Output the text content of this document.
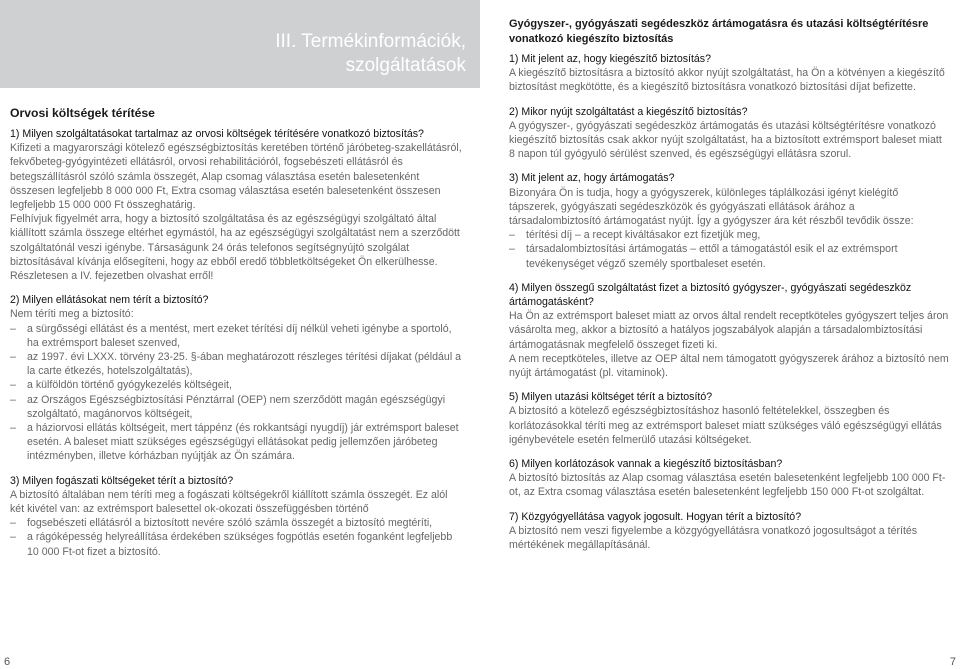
III. Termékinformációk,
szolgáltatások
Orvosi költségek térítése

1) Milyen szolgáltatásokat tartalmaz az orvosi költségek térítésére vonatkozó biztosítás?

Kifizeti a magyarországi kötelező egészségbiztosítás keretében történő járóbeteg-szakellátásról, fekvőbeteg-gyógyintézeti ellátásról, orvosi rehabilitációról, fogsebészeti ellátásról és betegszállításról szóló számla összegét, Alap csomag választása esetén balesetenként összesen legfeljebb 8 000 000 Ft, Extra csomag választása esetén balesetenként összesen legfeljebb 15 000 000 Ft összeghatárig.

Felhívjuk figyelmét arra, hogy a biztosító szolgáltatása és az egészségügyi szolgáltató által kiállított számla összege eltérhet egymástól, ha az egészségügyi szolgáltatást nem a szerződött szolgáltatónál veszi igénybe. Társaságunk 24 órás telefonos segítségnyújtó szolgálat biztosításával kívánja elősegíteni, hogy az ebből eredő többletköltségeket Ön elkerülhesse. Részletesen a IV. fejezetben olvashat erről!

2) Milyen ellátásokat nem térít a biztosító?

Nem téríti meg a biztosító:

– a sürgősségi ellátást és a mentést, mert ezeket térítési díj nélkül veheti igénybe a sportoló, ha extrémsport baleset szenved,

– az 1997. évi LXXX. törvény 23-25. §-ában meghatározott részleges térítési díjakat (például a la carte étkezés, hotelszolgáltatás),

– a külföldön történő gyógykezelés költségeit,

– az Országos Egészségbiztosítási Pénztárral (OEP) nem szerződött magán egészségügyi szolgáltató, magánorvos költségeit,

– a háziorvosi ellátás költségeit, mert táppénz (és rokkantsági nyugdíj) jár extrémsport baleset esetén. A baleset miatt szükséges egészségügyi ellátásokat pedig jellemzően járóbeteg intézményben, illetve kórházban nyújtják az Ön számára.

3) Milyen fogászati költségeket térít a biztosító?

A biztosító általában nem téríti meg a fogászati költségekről kiállított számla összegét. Ez alól két kivétel van: az extrémsport balesettel ok-okozati összefüggésben történő

– fogsebészeti ellátásról a biztosított nevére szóló számla összegét a biztosító megtéríti,

– a rágóképesség helyreállítása érdekében szükséges fogpótlás esetén foganként legfeljebb 10 000 Ft-ot fizet a biztosító.

Gyógyszer-, gyógyászati segédeszköz ártámogatásra és utazási költségtérítésre vonatkozó kiegészíto biztosítás

1) Mit jelent az, hogy kiegészítő biztosítás?

A kiegészítő biztosításra a biztosító akkor nyújt szolgáltatást, ha Ön a kötvényen a kiegészítő biztosítást megkötötte, és a kiegészítő biztosításra vonatkozó biztosítási díjat befizette.

2) Mikor nyújt szolgáltatást a kiegészítő biztosítás?

A gyógyszer-, gyógyászati segédeszköz ártámogatás és utazási költségtérítésre vonatkozó kiegészítő biztosítás csak akkor nyújt szolgáltatást, ha a biztosított extrémsport baleset miatt 8 napon túl gyógyuló sérülést szenved, és egészségügyi ellátásra szorul.

3) Mit jelent az, hogy ártámogatás?

Bizonyára Ön is tudja, hogy a gyógyszerek, különleges táplálkozási igényt kielégítő tápszerek, gyógyászati segédeszközök és gyógyászati ellátások árához a társadalombiztosító ártámogatást nyújt. Így a gyógyszer ára két részből tevődik össze:

– térítési díj – a recept kiváltásakor ezt fizetjük meg,

– társadalombiztosítási ártámogatás – ettől a támogatástól esik el az extrémsport tevékenységet végző személy sportbaleset esetén.

4) Milyen összegű szolgáltatást fizet a biztosító gyógyszer-, gyógyászati segédeszköz ártámogatásként?

Ha Ön az extrémsport baleset miatt az orvos által rendelt receptköteles gyógyszert teljes áron vásárolta meg, akkor a biztosító a hatályos jogszabályok alapján a társadalombiztosítási ártámogatásnak megfelelő összeget fizeti ki.

A nem receptköteles, illetve az OEP által nem támogatott gyógyszerek árához a biztosító nem nyújt ártámogatást (pl. vitaminok).

5) Milyen utazási költséget térít a biztosító?

A biztosító a kötelező egészségbiztosításhoz hasonló feltételekkel, összegben és korlátozásokkal téríti meg az extrémsport baleset miatt szükséges váló egészségügyi ellátás igénybevétele esetén felmerülő utazási költségeket.

6) Milyen korlátozások vannak a kiegészítő biztosításban?

A biztosító biztosítás az Alap csomag választása esetén balesetenként legfeljebb 100 000 Ft-ot, az Extra csomag választása esetén balesetenként legfeljebb 150 000 Ft-ot szolgáltat.

7) Közgyógyellátása vagyok jogosult. Hogyan térít a biztosító?

A biztosító nem veszi figyelembe a közgyógyellátásra vonatkozó jogosultságot a térítés mértékének megállapításánál.

6	7
